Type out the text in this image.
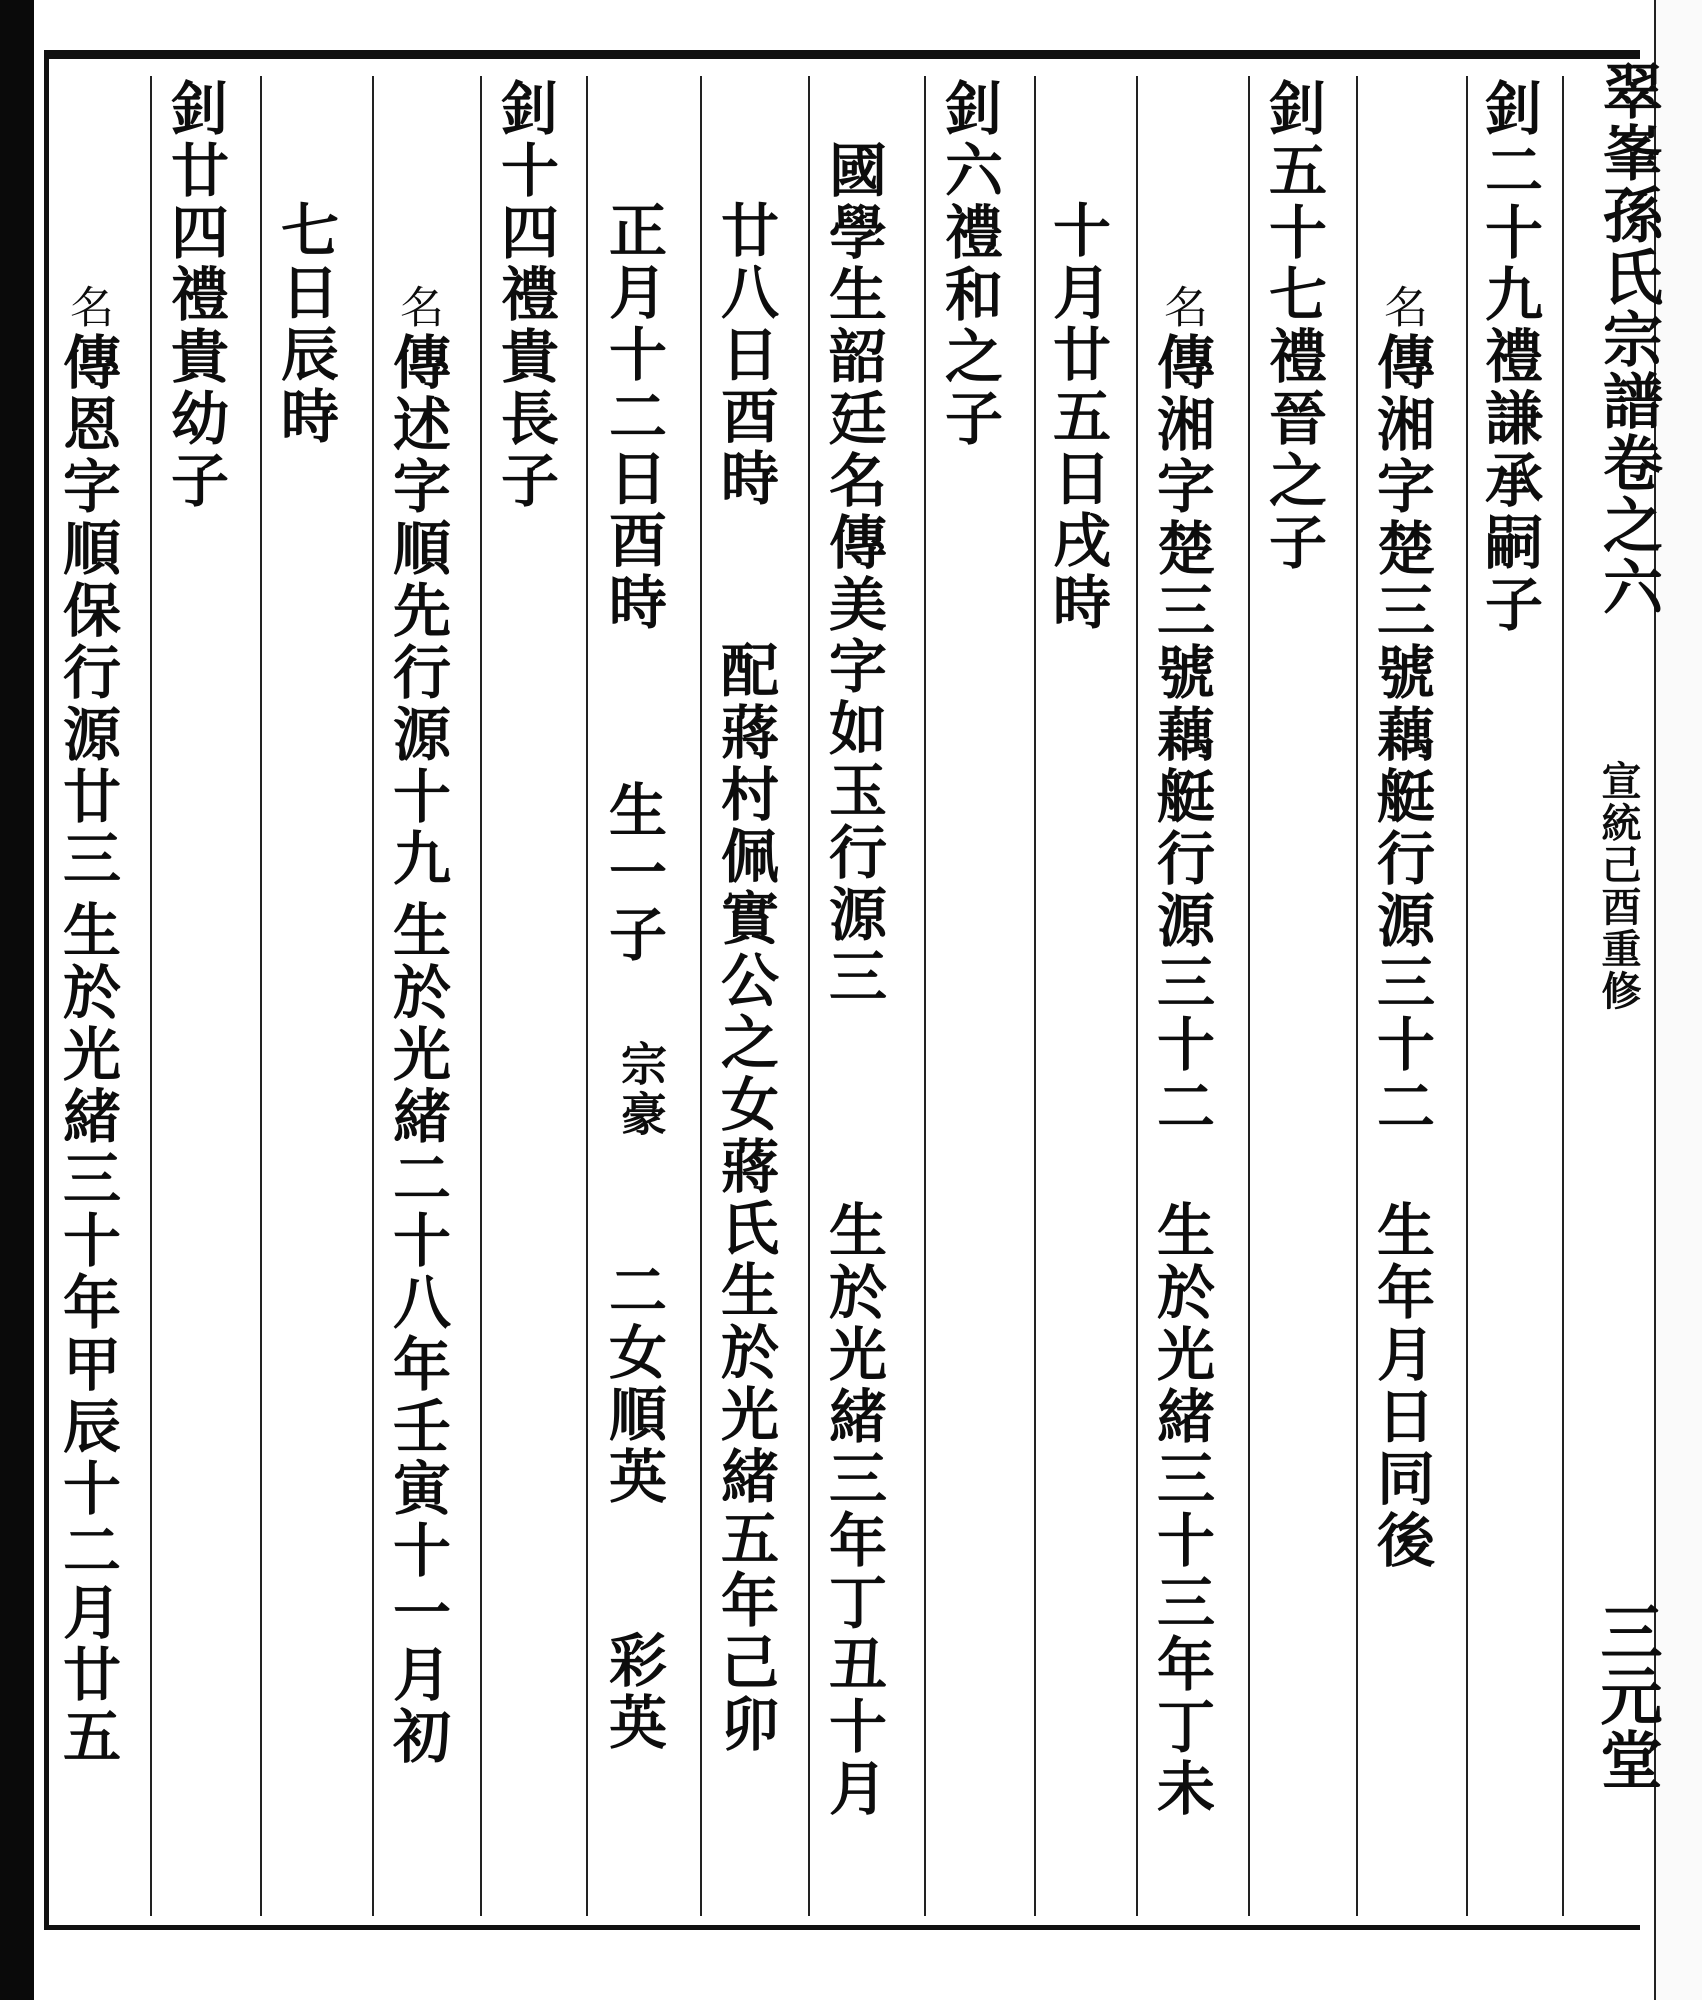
翠峯孫氏宗譜卷之六
宣統己酉重修
三元堂
釗二十九禮謙承嗣子

名傳湘字楚三號藕艇行源三十二

生年月日同後
釗五十七禮晉之子

名傳湘字楚三號藕艇行源三十二

生於光緒三十三年丁未
十月廿五日戌時
釗六禮和之子
國學生韶廷名傳美字如玉行源三
生於光緒三年丁丑十月
廿八日酉時
配蔣村佩實公之女蔣氏生於光緒五年己卯
正月十二日酉時
生一子
宗豪
二女順英
彩英
釗十四禮貴長子

名傳述字順先行源十九

生於光緒二十八年壬寅十一月初
七日辰時
釗廿四禮貴幼子

名傳恩字順保行源廿三

生於光緒三十年甲辰十二月廿五
